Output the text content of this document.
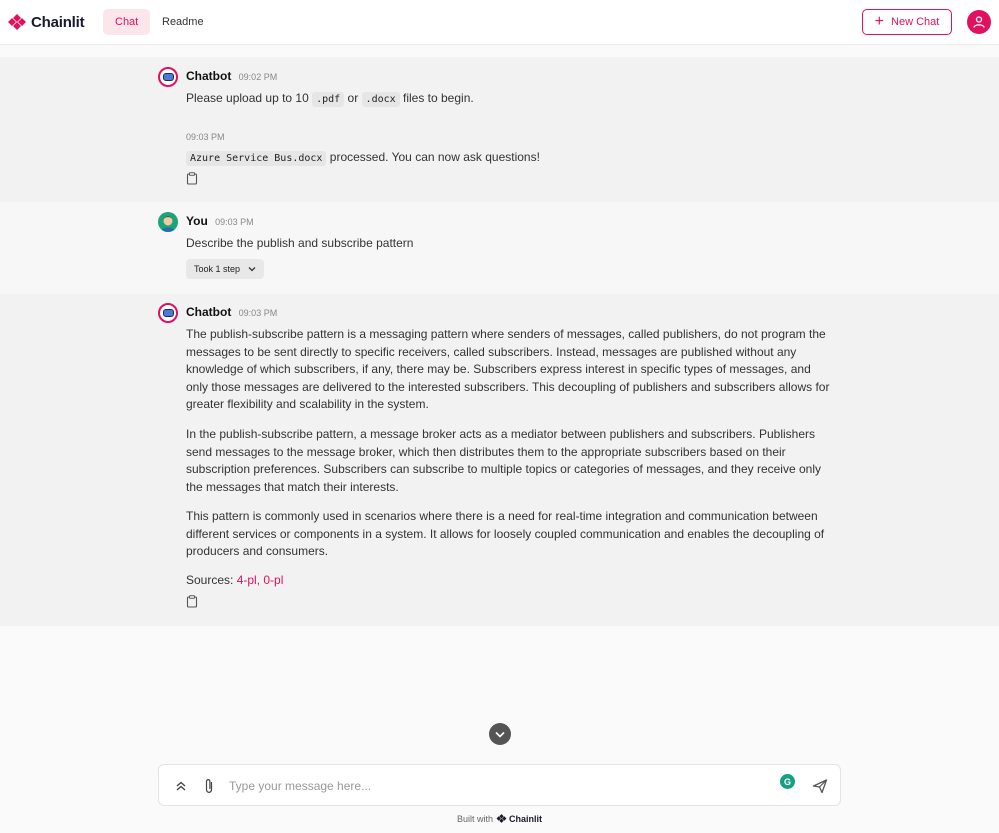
Chainlit	Chat Readme	+ New Chat
Chatbot 09:02 PM
Please upload up to 10 .pdf or .docx files to begin.
09:03 PM
Azure Service Bus.docx processed. You can now ask questions!
You 09:03 PM
Describe the publish and subscribe pattern
Took 1 step
Chatbot 09:03 PM
The publish-subscribe pattern is a messaging pattern where senders of messages, called publishers, do not program the messages to be sent directly to specific receivers, called subscribers. Instead, messages are published without any knowledge of which subscribers, if any, there may be. Subscribers express interest in specific types of messages, and only those messages are delivered to the interested subscribers. This decoupling of publishers and subscribers allows for greater flexibility and scalability in the system.
In the publish-subscribe pattern, a message broker acts as a mediator between publishers and subscribers. Publishers send messages to the message broker, which then distributes them to the appropriate subscribers based on their subscription preferences. Subscribers can subscribe to multiple topics or categories of messages, and they receive only the messages that match their interests.
This pattern is commonly used in scenarios where there is a need for real-time integration and communication between different services or components in a system. It allows for loosely coupled communication and enables the decoupling of producers and consumers.
Sources: 4-pl, 0-pl
Type your message here...
G
Built with Chainlit
